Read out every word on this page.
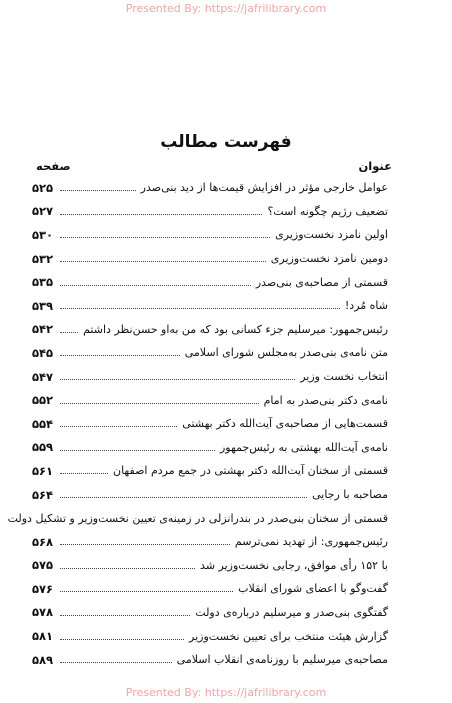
Presented By: https://jafrilibrary.com
فهرست مطالب
صفحه	عنوان
عوامل خارجی مؤثر در افزایش قیمت‌ها از دید بنی‌صدر
۵۲۵
تضعیف رژیم چگونه است؟
۵۲۷
اولین نامزد نخست‌وزیری
۵۳۰
دومین نامزد نخست‌وزیری
۵۳۲
قسمتی از مصاحبه‌ی بنی‌صدر
۵۳۵
شاه مُرد!
۵۳۹
رئیس‌جمهور: میرسلیم جزء کسانی بود که من به‌او حسن‌نظر داشتم
۵۴۲
متن نامه‌ی بنی‌صدر به‌مجلس شورای اسلامی
۵۴۵
انتخاب نخست وزیر
۵۴۷
نامه‌ی دکتر بنی‌صدر به امام
۵۵۲
قسمت‌هایی از مصاحبه‌ی آیت‌الله دکتر بهشتی
۵۵۴
نامه‌ی آیت‌الله بهشتی به رئیس‌جمهور
۵۵۹
قسمتی از سخنان آیت‌الله دکتر بهشتی در جمع مردم اصفهان
۵۶۱
مصاحبه با رجایی
۵۶۴
قسمتی از سخنان بنی‌صدر در بندرانزلی در زمینه‌ی تعیین نخست‌وزیر و تشکیل دولت
رئیس‌جمهوری: از تهدید نمی‌ترسم
۵۶۸
با ۱۵۲ رأی موافق، رجایی نخست‌وزیر شد
۵۷۵
گفت‌وگو با اعضای شورای انقلاب
۵۷۶
گفتگوی بنی‌صدر و میرسلیم درباره‌ی دولت
۵۷۸
گزارش هیئت منتخب برای تعیین نخست‌وزیر
۵۸۱
مصاحبه‌ی میرسلیم با روزنامه‌ی انقلاب اسلامی
۵۸۹
Presented By: https://jafrilibrary.com
